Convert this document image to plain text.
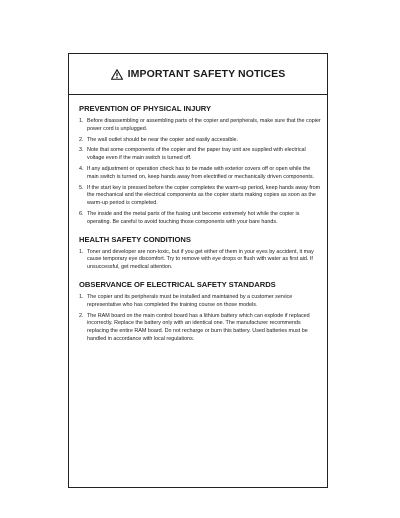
IMPORTANT SAFETY NOTICES
PREVENTION OF PHYSICAL INJURY
1. Before disassembling or assembling parts of the copier and peripherals, make sure that the copier power cord is unplugged.
2. The wall outlet should be near the copier and easily accessible.
3. Note that some components of the copier and the paper tray unit are supplied with electrical voltage even if the main switch is turned off.
4. If any adjustment or operation check has to be made with exterior covers off or open while the main switch is turned on, keep hands away from electrified or mechanically driven components.
5. If the start key is pressed before the copier completes the warm-up period, keep hands away from the mechanical and the electrical components as the copier starts making copies as soon as the warm-up period is completed.
6. The inside and the metal parts of the fusing unit become extremely hot while the copier is operating. Be careful to avoid touching those components with your bare hands.
HEALTH SAFETY CONDITIONS
1. Toner and developer are non-toxic, but if you get either of them in your eyes by accident, it may cause temporary eye discomfort. Try to remove with eye drops or flush with water as first aid. If unsuccessful, get medical attention.
OBSERVANCE OF ELECTRICAL SAFETY STANDARDS
1. The copier and its peripherals must be installed and maintained by a customer service representative who has completed the training course on those models.
2. The RAM board on the main control board has a lithium battery which can explode if replaced incorrectly. Replace the battery only with an identical one. The manufacturer recommends replacing the entire RAM board. Do not recharge or burn this battery. Used batteries must be handled in accordance with local regulations.
